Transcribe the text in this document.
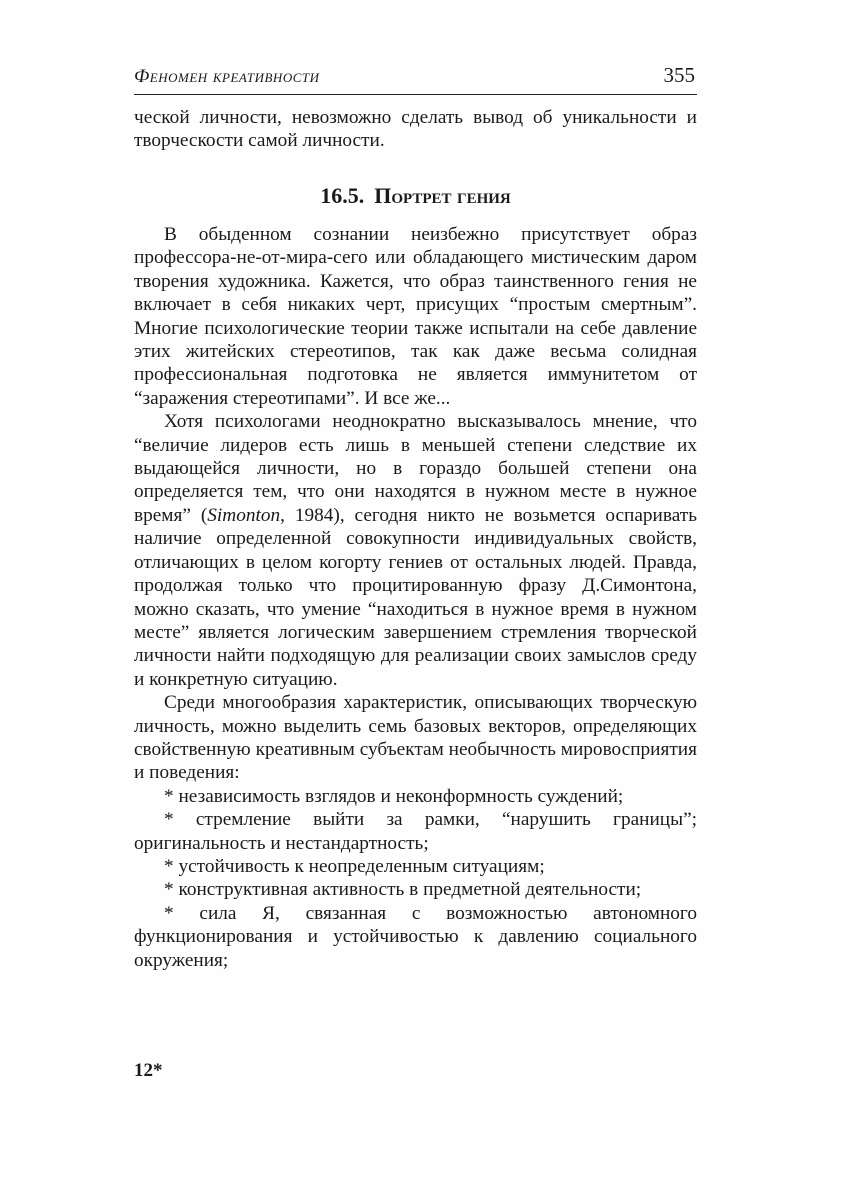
Феномен креативности	355

ческой личности, невозможно сделать вывод об уникальности и творческости самой личности.

16.5. Портрет гения

В обыденном сознании неизбежно присутствует образ профессора-не-от-мира-сего или обладающего мистическим даром творения художника. Кажется, что образ таинственного гения не включает в себя никаких черт, присущих “простым смертным”. Многие психологические теории также испытали на себе давление этих житейских стереотипов, так как даже весьма солидная профессиональная подготовка не является иммунитетом от “заражения стереотипами”. И все же...

Хотя психологами неоднократно высказывалось мнение, что “величие лидеров есть лишь в меньшей степени следствие их выдающейся личности, но в гораздо большей степени она определяется тем, что они находятся в нужном месте в нужное время” (Simonton, 1984), сегодня никто не возьмется оспаривать наличие определенной совокупности индивидуальных свойств, отличающих в целом когорту гениев от остальных людей. Правда, продолжая только что процитированную фразу Д.Симонтона, можно сказать, что умение “находиться в нужное время в нужном месте” является логическим завершением стремления творческой личности найти подходящую для реализации своих замыслов среду и конкретную ситуацию.

Среди многообразия характеристик, описывающих творческую личность, можно выделить семь базовых векторов, определяющих свойственную креативным субъектам необычность мировосприятия и поведения:

* независимость взглядов и неконформность суждений;

* стремление выйти за рамки, “нарушить границы”; оригинальность и нестандартность;

* устойчивость к неопределенным ситуациям;

* конструктивная активность в предметной деятельности;

* сила Я, связанная с возможностью автономного функционирования и устойчивостью к давлению социального окружения;

12*
